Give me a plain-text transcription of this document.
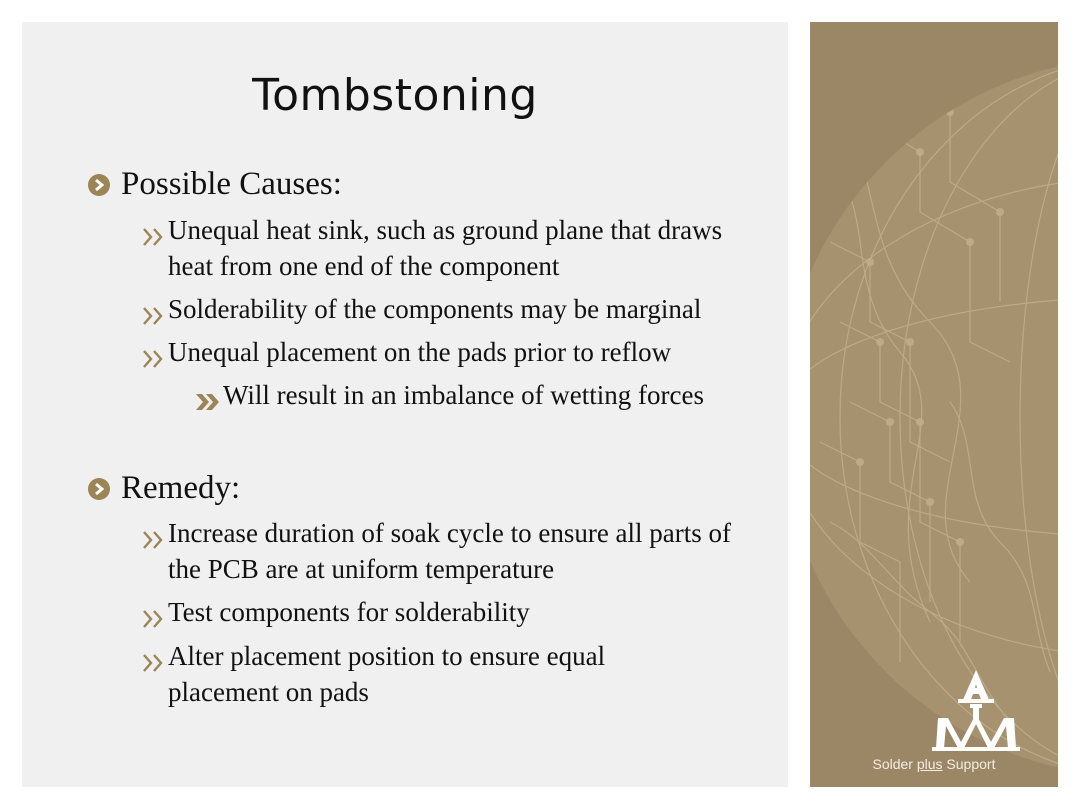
Tombstoning
Possible Causes:
Unequal heat sink, such as ground plane that draws heat from one end of the component
Solderability of the components may be marginal
Unequal placement on the pads prior to reflow
Will result in an imbalance of wetting forces
Remedy:
Increase duration of soak cycle to ensure all parts of the PCB are at uniform temperature
Test components for solderability
Alter placement position to ensure equal placement on pads
Solder plus Support
